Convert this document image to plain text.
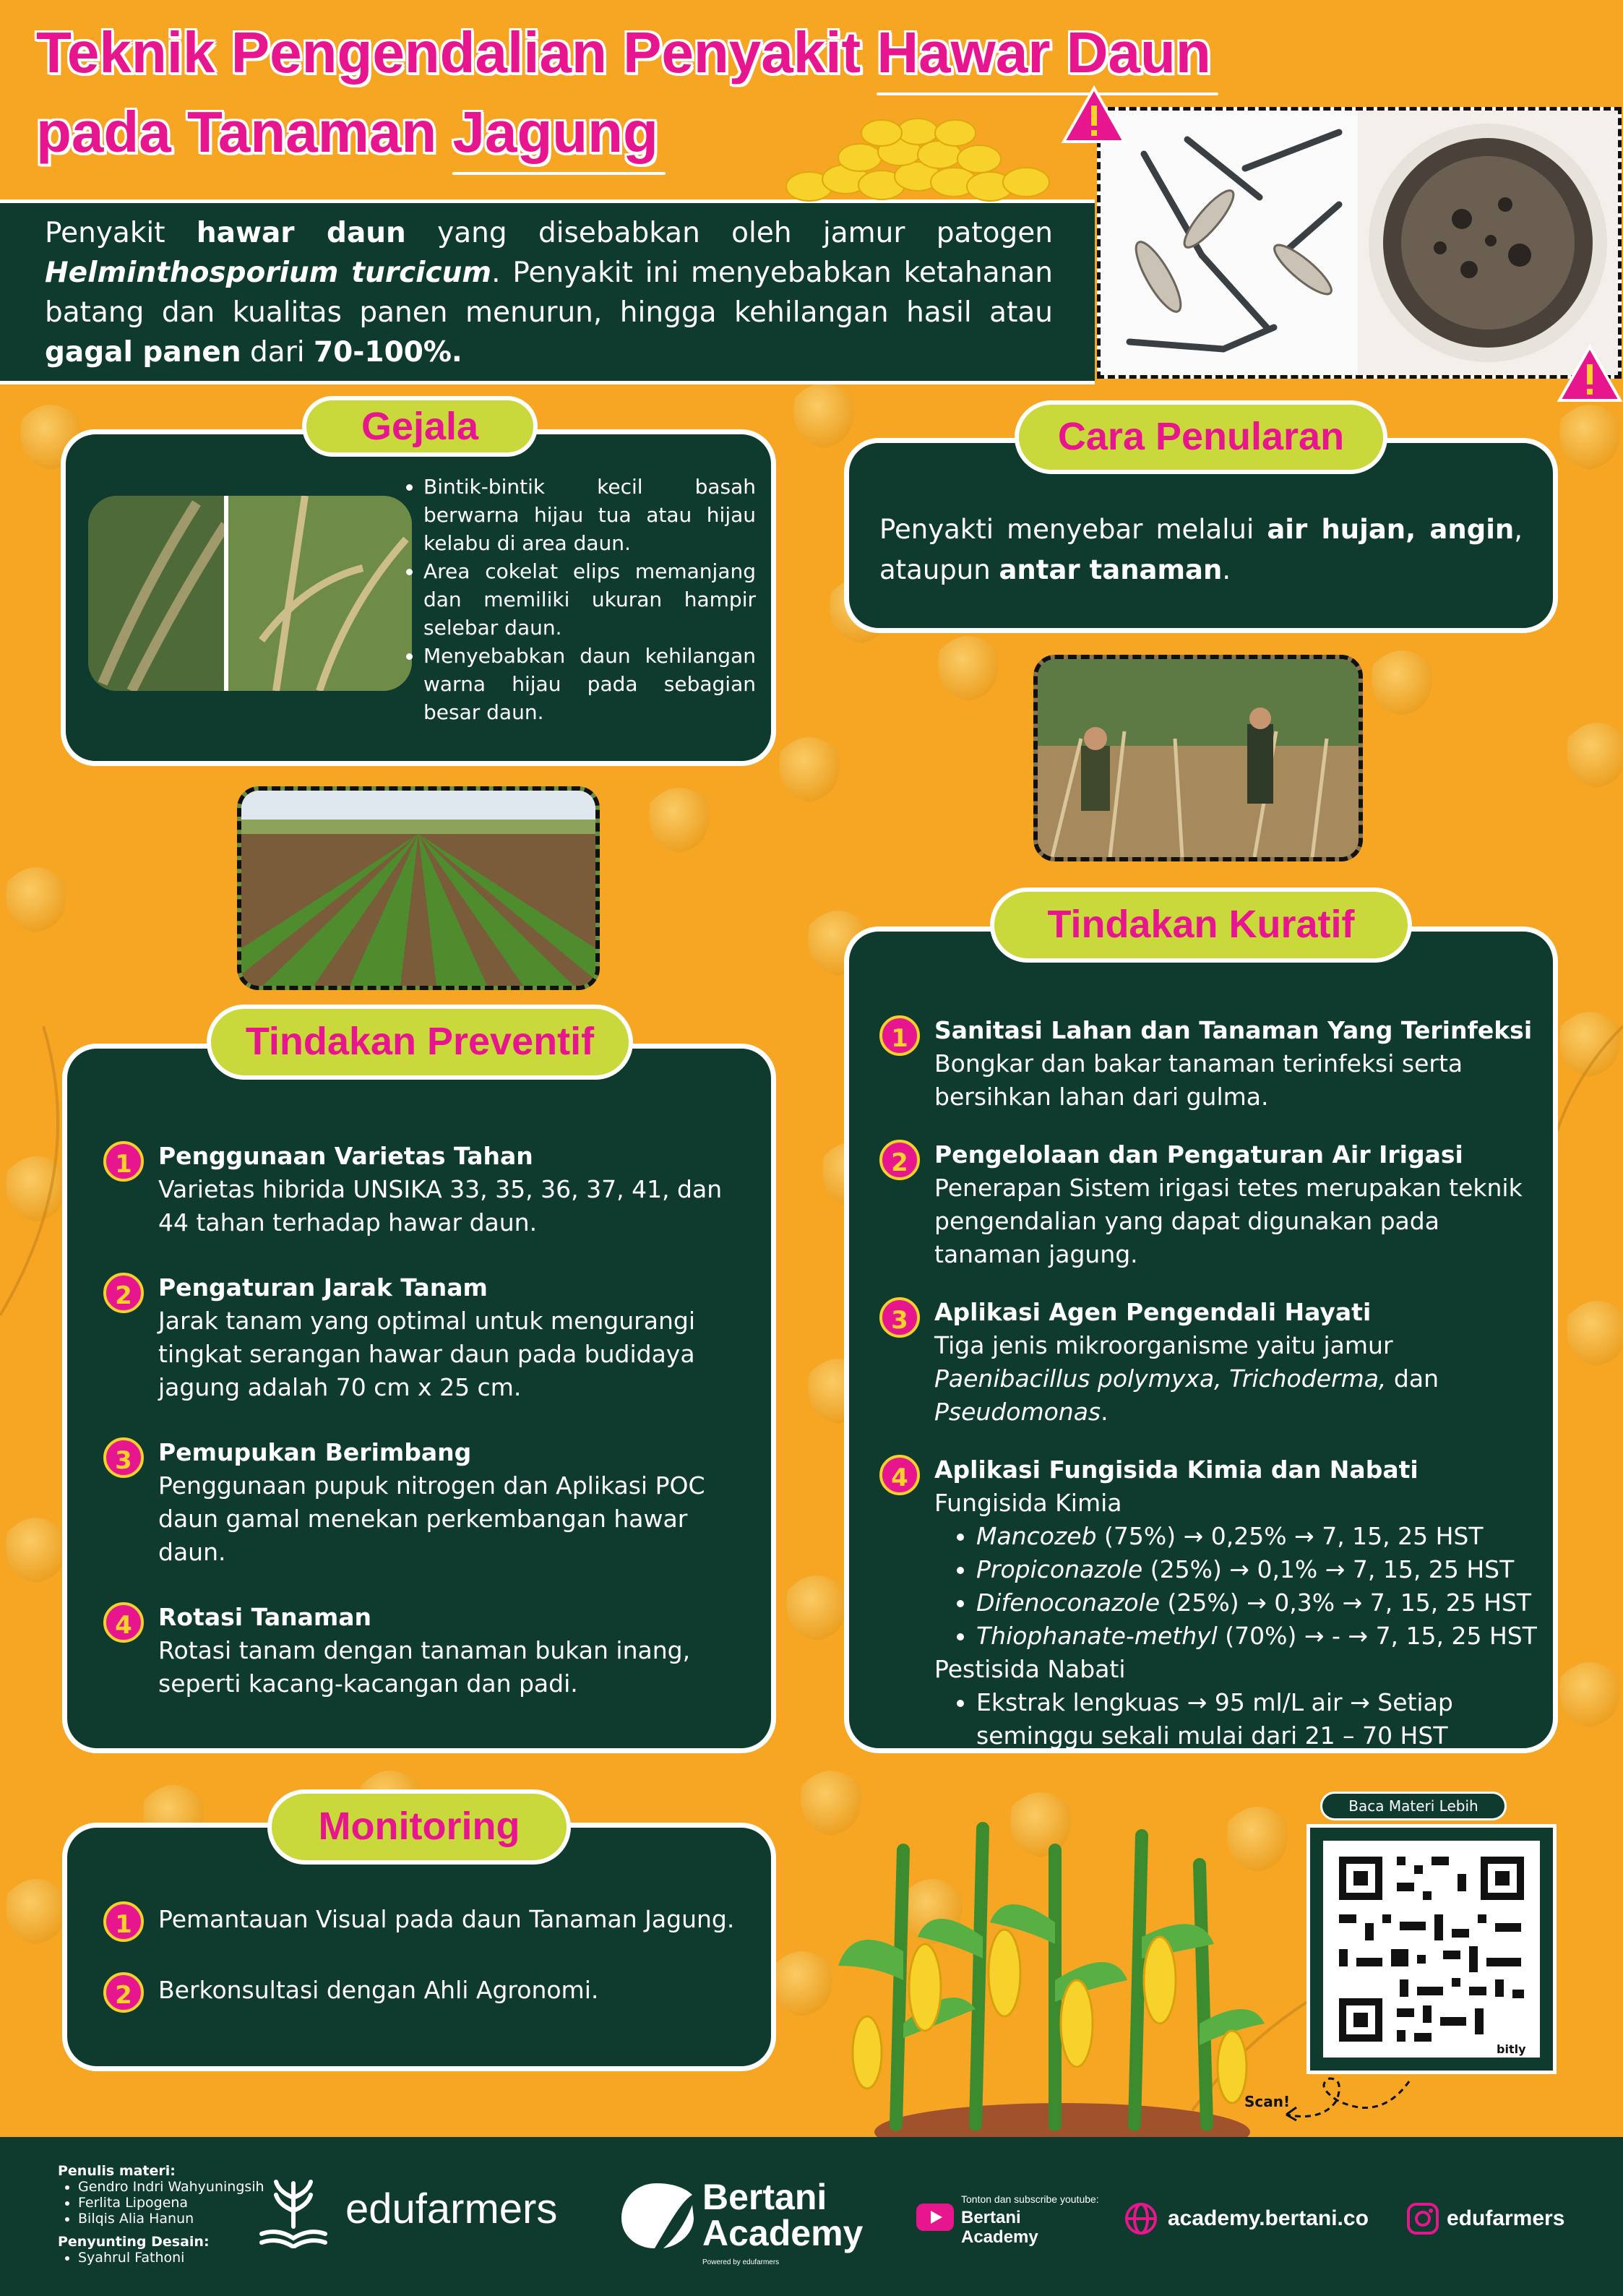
Teknik Pengendalian Penyakit Hawar Daun
pada Tanaman Jagung
Penyakit hawar daun yang disebabkan oleh jamur patogen Helminthosporium turcicum. Penyakit ini menyebabkan ketahanan batang dan kualitas panen menurun, hingga kehilangan hasil atau gagal panen dari 70-100%.
Gejala
• Bintik-bintik kecil basah berwarna hijau tua atau hijau kelabu di area daun.
• Area cokelat elips memanjang dan memiliki ukuran hampir selebar daun.
• Menyebabkan daun kehilangan warna hijau pada sebagian besar daun.
Penyakti menyebar melalui air hujan, angin, ataupun antar tanaman.
Cara Penularan
1	Penggunaan Varietas Tahan
Varietas hibrida UNSIKA 33, 35, 36, 37, 41, dan 44 tahan terhadap hawar daun.
2	Pengaturan Jarak Tanam
Jarak tanam yang optimal untuk mengurangi tingkat serangan hawar daun pada budidaya jagung adalah 70 cm x 25 cm.
3	Pemupukan Berimbang
Penggunaan pupuk nitrogen dan Aplikasi POC daun gamal menekan perkembangan hawar daun.
4	Rotasi Tanaman
Rotasi tanam dengan tanaman bukan inang, seperti kacang-kacangan dan padi.
Tindakan Preventif	1	Sanitasi Lahan dan Tanaman Yang Terinfeksi
Bongkar dan bakar tanaman terinfeksi serta bersihkan lahan dari gulma.
2	Pengelolaan dan Pengaturan Air Irigasi
Penerapan Sistem irigasi tetes merupakan teknik pengendalian yang dapat digunakan pada tanaman jagung.
3	Aplikasi Agen Pengendali Hayati
Tiga jenis mikroorganisme yaitu jamur Paenibacillus polymyxa, Trichoderma, dan Pseudomonas.
4	Aplikasi Fungisida Kimia dan Nabati
Fungisida Kimia
• Mancozeb (75%) → 0,25% → 7, 15, 25 HST
• Propiconazole (25%) → 0,1% → 7, 15, 25 HST
• Difenoconazole (25%) → 0,3% → 7, 15, 25 HST
• Thiophanate-methyl (70%) → - → 7, 15, 25 HST
Pestisida Nabati
• Ekstrak lengkuas → 95 ml/L air → Setiap seminggu sekali mulai dari 21 – 70 HST
Tindakan Kuratif
1	Pemantauan Visual pada daun Tanaman Jagung.
2	Berkonsultasi dengan Ahli Agronomi.
Monitoring	Baca Materi Lebih
bitly
Scan!
Penulis materi:
• Gendro Indri Wahyuningsih
• Ferlita Lipogena
• Bilqis Alia Hanun
Penyunting Desain:
• Syahrul Fathoni
edufarmers	Bertani
Academy
Powered by edufarmers
Tonton dan subscribe youtube:
Bertani
Academy
academy.bertani.co	edufarmers
